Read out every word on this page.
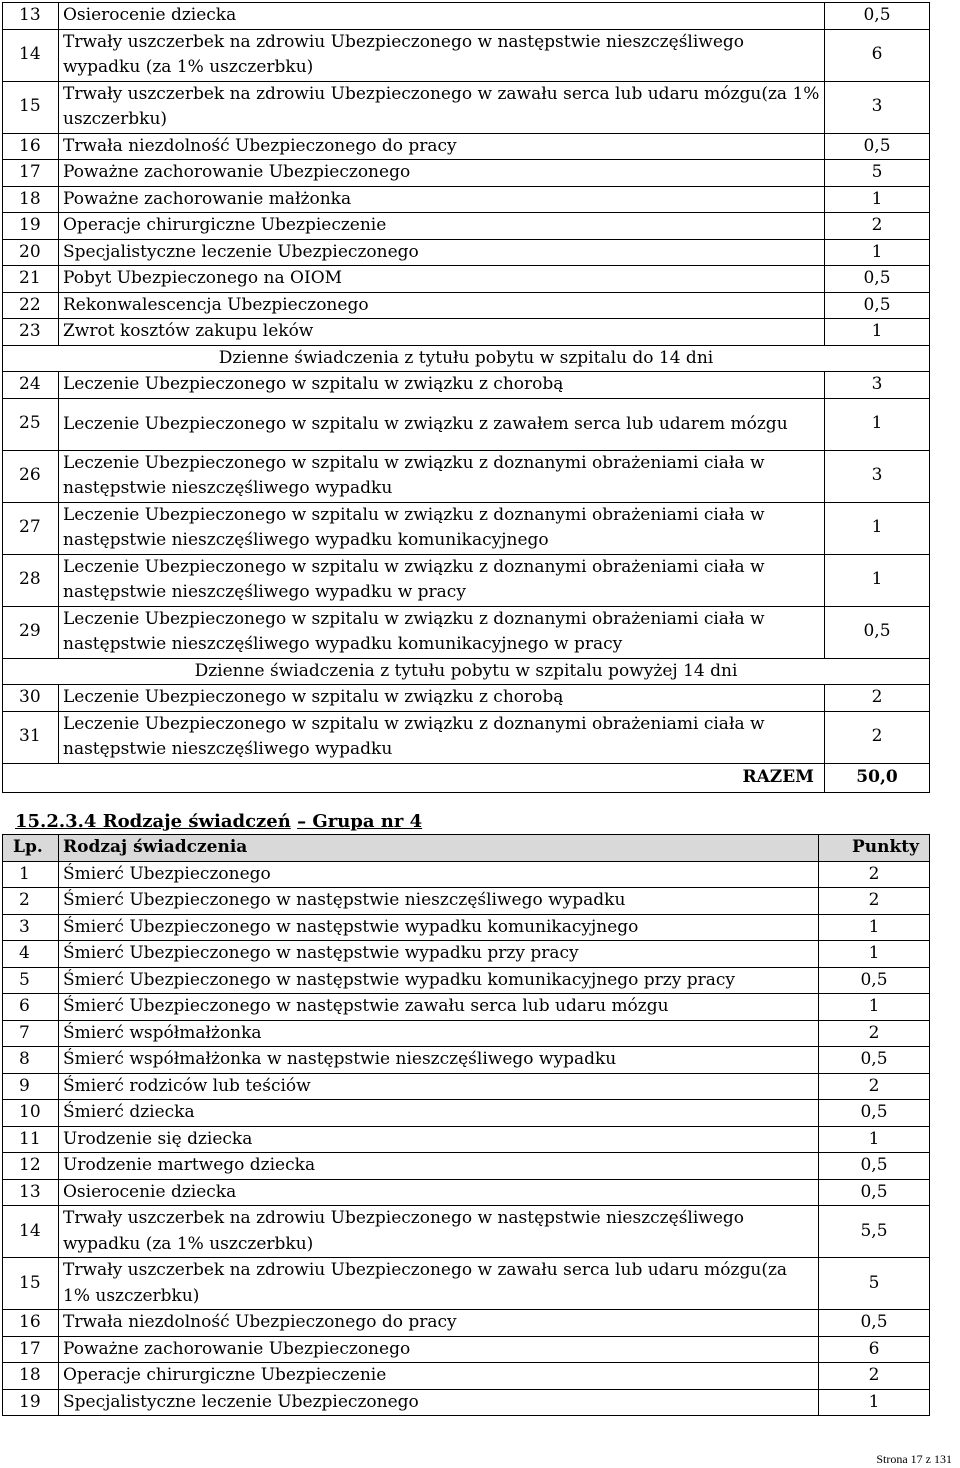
13	Osierocenie dziecka	0,5
14	Trwały uszczerbek na zdrowiu Ubezpieczonego w następstwie nieszczęśliwego wypadku (za 1% uszczerbku)	6
15	Trwały uszczerbek na zdrowiu Ubezpieczonego w zawału serca lub udaru mózgu(za 1% uszczerbku)	3
16	Trwała niezdolność Ubezpieczonego do pracy	0,5
17	Poważne zachorowanie Ubezpieczonego	5
18	Poważne zachorowanie małżonka	1
19	Operacje chirurgiczne Ubezpieczenie	2
20	Specjalistyczne leczenie Ubezpieczonego	1
21	Pobyt Ubezpieczonego na OIOM	0,5
22	Rekonwalescencja Ubezpieczonego	0,5
23	Zwrot kosztów zakupu leków	1
Dzienne świadczenia z tytułu pobytu w szpitalu do 14 dni		
24	Leczenie Ubezpieczonego w szpitalu w związku z chorobą	3
25	Leczenie Ubezpieczonego w szpitalu w związku z zawałem serca lub udarem mózgu	1
26	Leczenie Ubezpieczonego w szpitalu w związku z doznanymi obrażeniami ciała w następstwie nieszczęśliwego wypadku	3
27	Leczenie Ubezpieczonego w szpitalu w związku z doznanymi obrażeniami ciała w następstwie nieszczęśliwego wypadku komunikacyjnego	1
28	Leczenie Ubezpieczonego w szpitalu w związku z doznanymi obrażeniami ciała w następstwie nieszczęśliwego wypadku w pracy	1
29	Leczenie Ubezpieczonego w szpitalu w związku z doznanymi obrażeniami ciała w następstwie nieszczęśliwego wypadku komunikacyjnego w pracy	0,5
Dzienne świadczenia z tytułu pobytu w szpitalu powyżej 14 dni		
30	Leczenie Ubezpieczonego w szpitalu w związku z chorobą	2
31	Leczenie Ubezpieczonego w szpitalu w związku z doznanymi obrażeniami ciała w następstwie nieszczęśliwego wypadku	2
	RAZEM	50,0
15.2.3.4 Rodzaje świadczeń – Grupa nr 4
Lp.	Rodzaj świadczenia	Punkty
1	Śmierć Ubezpieczonego	2
2	Śmierć Ubezpieczonego w następstwie nieszczęśliwego wypadku	2
3	Śmierć Ubezpieczonego w następstwie wypadku komunikacyjnego	1
4	Śmierć Ubezpieczonego w następstwie wypadku przy pracy	1
5	Śmierć Ubezpieczonego w następstwie wypadku komunikacyjnego przy pracy	0,5
6	Śmierć Ubezpieczonego w następstwie zawału serca lub udaru mózgu	1
7	Śmierć współmałżonka	2
8	Śmierć współmałżonka w następstwie nieszczęśliwego wypadku	0,5
9	Śmierć rodziców lub teściów	2
10	Śmierć dziecka	0,5
11	Urodzenie się dziecka	1
12	Urodzenie martwego dziecka	0,5
13	Osierocenie dziecka	0,5
14	Trwały uszczerbek na zdrowiu Ubezpieczonego w następstwie nieszczęśliwego wypadku (za 1% uszczerbku)	5,5
15	Trwały uszczerbek na zdrowiu Ubezpieczonego w zawału serca lub udaru mózgu(za 1% uszczerbku)	5
16	Trwała niezdolność Ubezpieczonego do pracy	0,5
17	Poważne zachorowanie Ubezpieczonego	6
18	Operacje chirurgiczne Ubezpieczenie	2
19	Specjalistyczne leczenie Ubezpieczonego	1
Strona 17 z 131
